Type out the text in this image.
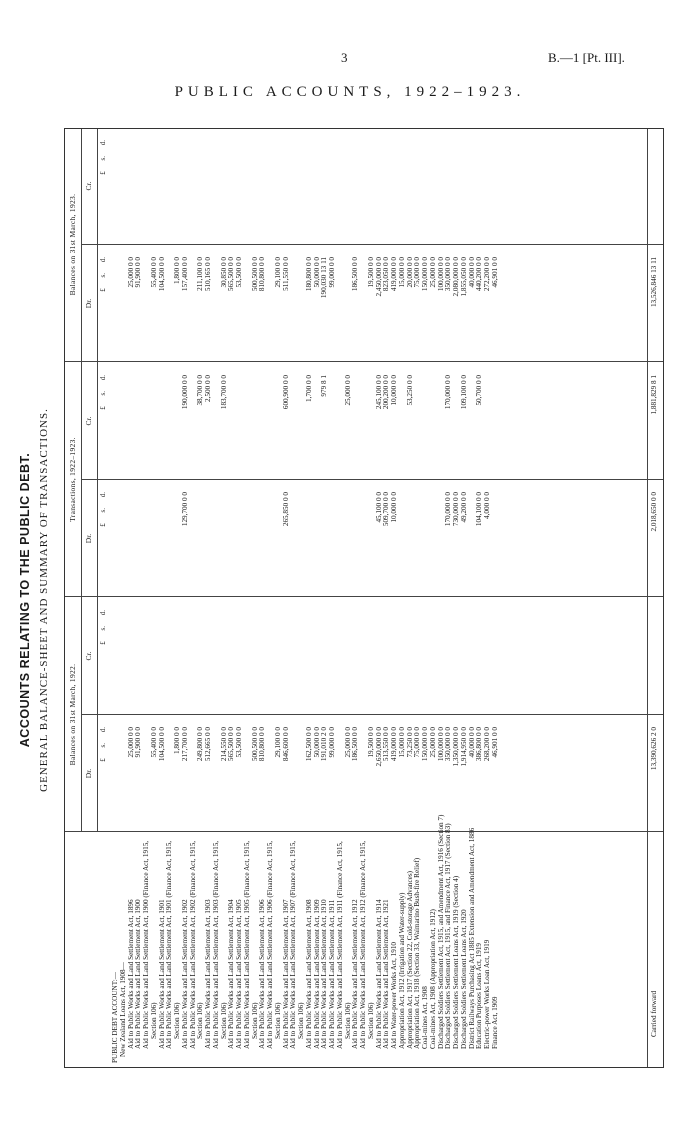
3	B.—1 [Pt. III].
PUBLIC ACCOUNTS, 1922–1923.
ACCOUNTS RELATING TO THE PUBLIC DEBT. GENERAL BALANCE-SHEET AND SUMMARY OF TRANSACTIONS. Balances on 31st March, 1922.
Transactions, 1922–1923.
Balances on 31st March, 1923.
Dr.
Cr.
Dr.
Cr.
Dr.
Cr.
£ s. d.
£ s. d.
£ s. d.
£ s. d.
£ s. d.
£ s. d.
PUBLIC DEBT ACCOUNT:— New Zealand Loans Act, 1908— Aid to Public Works and Land Settlement Act, 1896
25,000 0 0
25,000 0 0
Aid to Public Works and Land Settlement Act, 1900
91,900 0 0
91,900 0 0
Aid to Public Works and Land Settlement Act, 1900 (Finance Act, 1915, Section 106)
55,400 0 0
55,400 0 0
Aid to Public Works and Land Settlement Act, 1901
104,500 0 0
104,500 0 0
Aid to Public Works and Land Settlement Act, 1901 (Finance Act, 1915, Section 106)
1,800 0 0
1,800 0 0
Aid to Public Works and Land Settlement Act, 1902
217,700 0 0
129,700 0 0
190,000 0 0
157,400 0 0
Aid to Public Works and Land Settlement Act, 1902 (Finance Act, 1915, Section 106)
249,800 0 0
38,700 0 0
211,100 0 0
Aid to Public Works and Land Settlement Act, 1903
512,665 0 0
2,500 0 0
510,165 0 0
Aid to Public Works and Land Settlement Act, 1903 (Finance Act, 1915, Section 106)
214,550 0 0
183,700 0 0
30,850 0 0
Aid to Public Works and Land Settlement Act, 1904
565,500 0 0
565,500 0 0
Aid to Public Works and Land Settlement Act, 1905
53,500 0 0
53,500 0 0
Aid to Public Works and Land Settlement Act, 1905 (Finance Act, 1915, Section 106)
500,500 0 0
500,500 0 0
Aid to Public Works and Land Settlement Act, 1906
810,800 0 0
810,800 0 0
Aid to Public Works and Land Settlement Act, 1906 (Finance Act, 1915, Section 106)
29,100 0 0
29,100 0 0
Aid to Public Works and Land Settlement Act, 1907
846,600 0 0
265,850 0 0
600,900 0 0
511,550 0 0
Aid to Public Works and Land Settlement Act, 1907 (Finance Act, 1915, Section 106) Aid to Public Works and Land Settlement Act, 1908
162,500 0 0
1,700 0 0
180,800 0 0
Aid to Public Works and Land Settlement Act, 1909
50,000 0 0
50,000 0 0
Aid to Public Works and Land Settlement Act, 1910
191,010 2 0
979 8 1
190,030 13 11
Aid to Public Works and Land Settlement Act, 1911
99,000 0 0
99,000 0 0
Aid to Public Works and Land Settlement Act, 1911 (Finance Act, 1915, Section 106)
25,000 0 0
25,000 0 0
Aid to Public Works and Land Settlement Act, 1912
186,500 0 0
186,500 0 0
Aid to Public Works and Land Settlement Act, 1912 (Finance Act, 1915, Section 106)
19,500 0 0
19,500 0 0
Aid to Public Works and Land Settlement Act, 1914
2,650,000 0 0
45,100 0 0
245,100 0 0
2,450,000 0 0
Aid to Public Works and Land Settlement Act, 1921
513,550 0 0
509,700 0 0
200,200 0 0
823,050 0 0
Aid to Water-power Works Act, 1910
419,000 0 0
10,000 0 0
10,000 0 0
419,000 0 0
Appropriation Act, 1912 (Irrigation and Water-supply)
15,000 0 0
15,000 0 0
Appropriation Act, 1917 (Section 22, Cold-storage Advances)
73,250 0 0
53,250 0 0
20,000 0 0
Appropriation Act, 1918 (Section 33, Waimarino Bush-fire Relief)
75,000 0 0
75,000 0 0
Coal-mines Act, 1908
150,000 0 0
150,000 0 0
Coal-mines Act, 1908 (Appropriation Act, 1912)
25,000 0 0
25,000 0 0
Discharged Soldiers Settlement Act, 1915, and Amendment Act, 1916 (Section 7)
100,000 0 0
100,000 0 0
Discharged Soldiers Settlement Act, 1915, and Finance Act, 1917 (Section 83)
350,000 0 0
170,000 0 0
170,000 0 0
350,000 0 0
Discharged Soldiers Settlement Loans Act, 1919 (Section 4)
1,350,000 0 0
730,000 0 0
2,080,000 0 0
Discharged Soldiers Settlement Loans Act, 1920
1,914,950 0 0
49,200 0 0
109,100 0 0
1,855,050 0 0
District Railways Purchasing Act 1885 Extension and Amendment Act, 1886
40,000 0 0
40,000 0 0
Education Purposes Loans Act, 1919
386,800 0 0
104,100 0 0
50,700 0 0
440,200 0 0
Electric-power Works Loan Act, 1919
268,200 0 0
4,000 0 0
272,200 0 0
Finance Act, 1909
46,901 0 0
46,901 0 0
Carried forward
13,390,626 2 0
2,018,650 0 0
1,881,829 8 1
13,526,846 13 11
